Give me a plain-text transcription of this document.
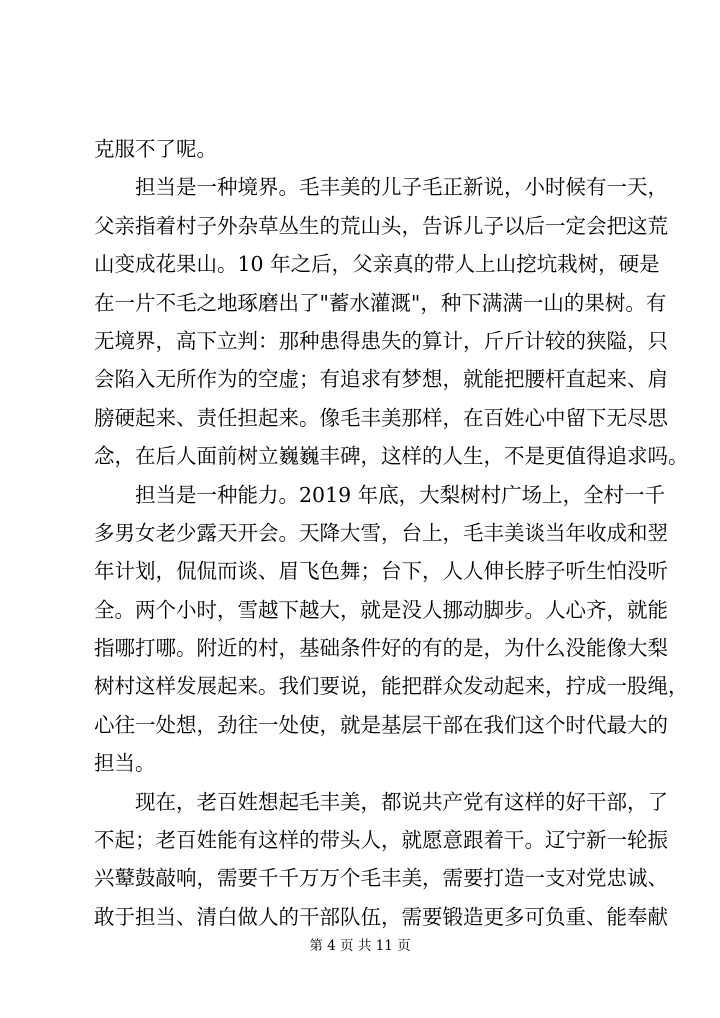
克服不了呢。
担当是一种境界。毛丰美的儿子毛正新说，小时候有一天，
父亲指着村子外杂草丛生的荒山头，告诉儿子以后一定会把这荒
山变成花果山。10 年之后，父亲真的带人上山挖坑栽树，硬是
在一片不毛之地琢磨出了"蓄水灌溉"，种下满满一山的果树。有
无境界，高下立判：那种患得患失的算计，斤斤计较的狭隘，只
会陷入无所作为的空虚；有追求有梦想，就能把腰杆直起来、肩
膀硬起来、责任担起来。像毛丰美那样，在百姓心中留下无尽思
念，在后人面前树立巍巍丰碑，这样的人生，不是更值得追求吗。
担当是一种能力。2019 年底，大梨树村广场上，全村一千
多男女老少露天开会。天降大雪，台上，毛丰美谈当年收成和翌
年计划，侃侃而谈、眉飞色舞；台下，人人伸长脖子听生怕没听
全。两个小时，雪越下越大，就是没人挪动脚步。人心齐，就能
指哪打哪。附近的村，基础条件好的有的是，为什么没能像大梨
树村这样发展起来。我们要说，能把群众发动起来，拧成一股绳，
心往一处想，劲往一处使，就是基层干部在我们这个时代最大的
担当。
现在，老百姓想起毛丰美，都说共产党有这样的好干部，了
不起；老百姓能有这样的带头人，就愿意跟着干。辽宁新一轮振
兴鼙鼓敲响，需要千千万万个毛丰美，需要打造一支对党忠诚、
敢于担当、清白做人的干部队伍，需要锻造更多可负重、能奉献
第 4 页 共 11 页
